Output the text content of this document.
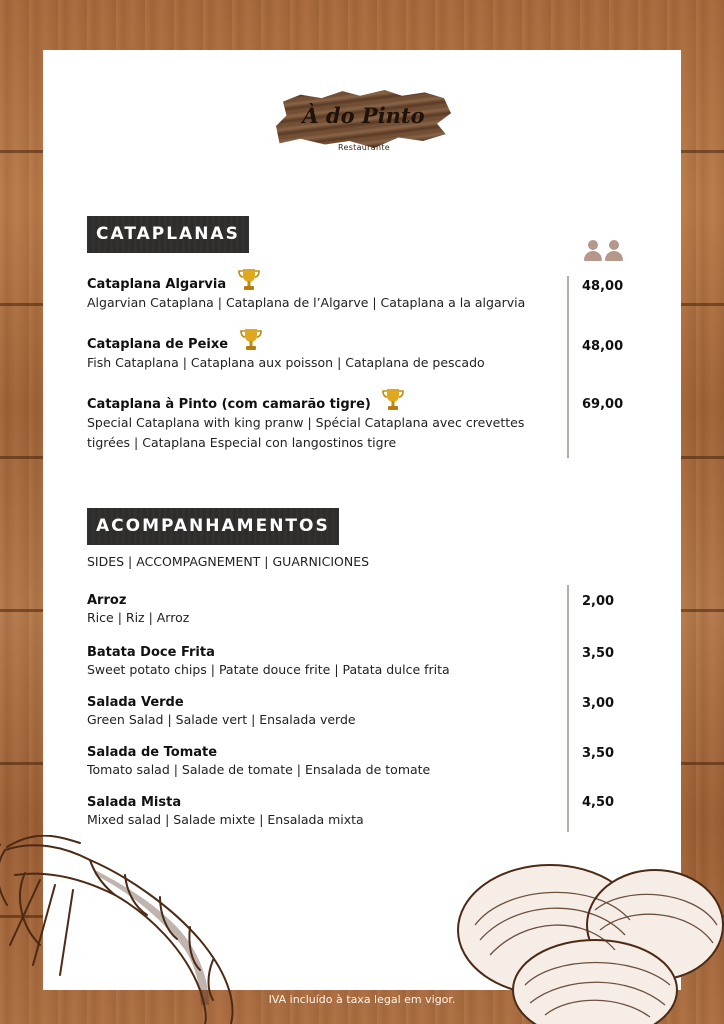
À do Pinto
Restaurante
CATAPLANAS
Cataplana Algarvia
Algarvian Cataplana | Cataplana de l’Algarve | Cataplana a la algarvia
48,00
Cataplana de Peixe
Fish Cataplana | Cataplana aux poisson | Cataplana de pescado
48,00
Cataplana à Pinto (com camarão tigre)
Special Cataplana with king pranw | Spécial Cataplana avec crevettes tigrées | Cataplana Especial con langostinos tigre
69,00
ACOMPANHAMENTOS
SIDES | ACCOMPAGNEMENT | GUARNICIONES
Arroz
Rice | Riz | Arroz
2,00
Batata Doce Frita
Sweet potato chips | Patate douce frite | Patata dulce frita
3,50
Salada Verde
Green Salad | Salade vert | Ensalada verde
3,00
Salada de Tomate
Tomato salad | Salade de tomate | Ensalada de tomate
3,50
Salada Mista
Mixed salad | Salade mixte | Ensalada mixta
4,50
IVA incluído à taxa legal em vigor.
